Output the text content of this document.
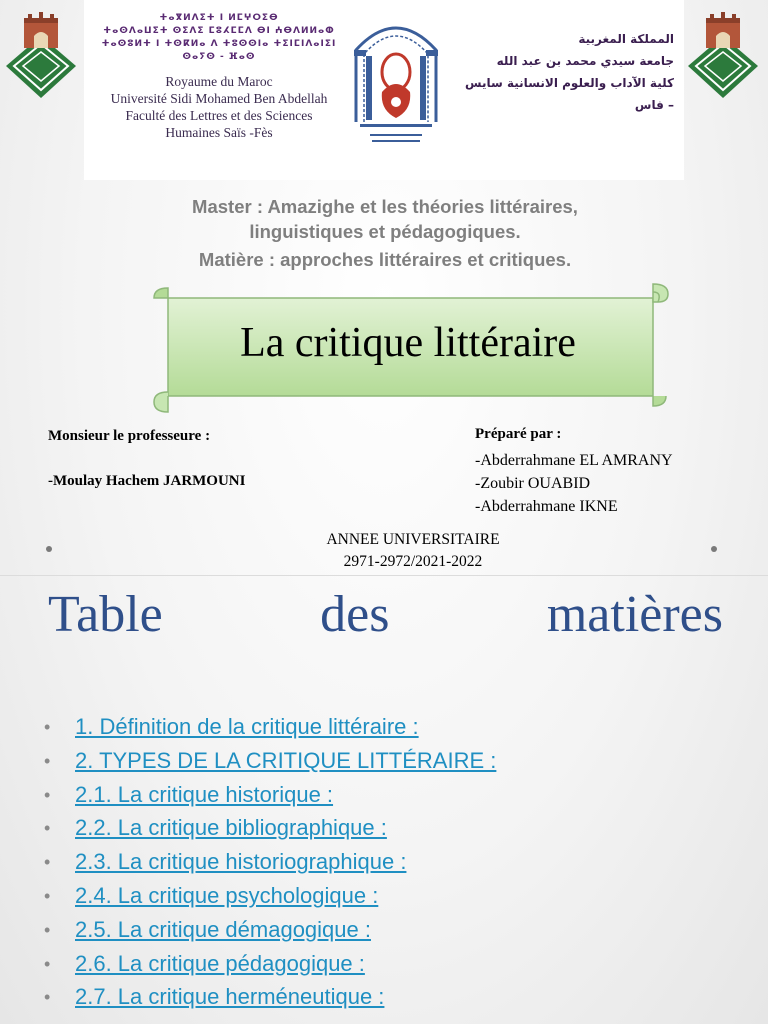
ⵜⴰⴳⵍⴷⵉⵜ ⵏ ⵍⵎⵖⵔⵉⴱ
ⵜⴰⵙⴷⴰⵡⵉⵜ ⵙⵉⴷⵉ ⵎⵓⵃⵎⵎⴷ ⴱⵏ ⵄⴱⴷⵍⵍⴰⵀ
ⵜⴰⵙⵓⵍⵜ ⵏ ⵜⵙⴽⵍⴰ ⴷ ⵜⵓⵙⵙⵏⴰ ⵜⵉⵏⵎⵏⴷⴰⵏⵉⵏ
ⵙⴰⵢⵙ - ⴼⴰⵙ
Royaume du Maroc
Université Sidi Mohamed Ben Abdellah
Faculté des Lettres et des Sciences
Humaines Saïs -Fès
المملكة المغربية
جامعة سيدي محمد بن عبد الله
كلية الآداب والعلوم الانسانية سايس – فاس
Master : Amazighe et les théories littéraires,
linguistiques et pédagogiques.
Matière : approches littéraires et critiques.
La critique littéraire
Monsieur le professeure :
-Moulay Hachem JARMOUNI
Préparé par :
-Abderrahmane EL AMRANY
-Zoubir OUABID
-Abderrahmane IKNE
ANNEE UNIVERSITAIRE
2971-2972/2021-2022
Table	des	matières
• 1. Définition de la critique littéraire :
• 2. TYPES DE LA CRITIQUE LITTÉRAIRE :
• 2.1. La critique historique :
• 2.2. La critique bibliographique :
• 2.3. La critique historiographique :
• 2.4. La critique psychologique :
• 2.5. La critique démagogique :
• 2.6. La critique pédagogique :
• 2.7. La critique herméneutique :
